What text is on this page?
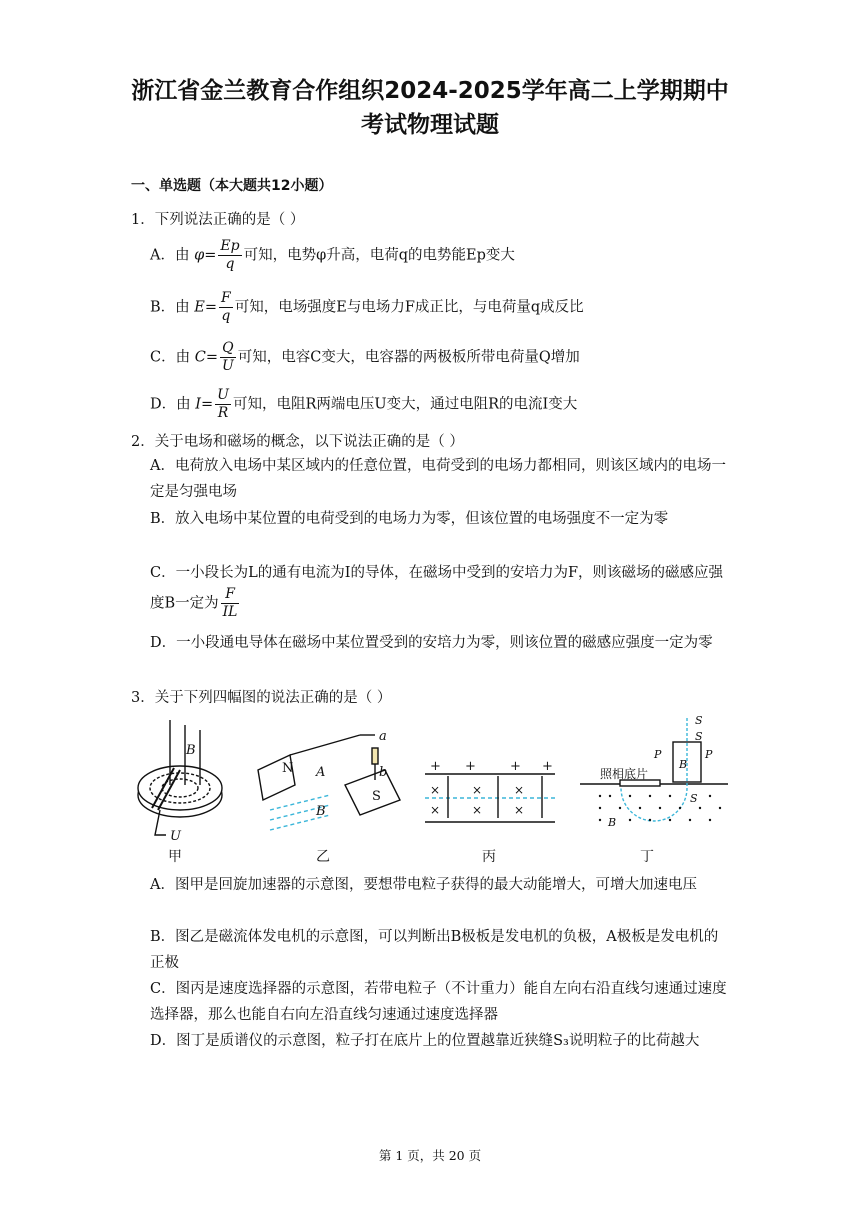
浙江省金兰教育合作组织2024-2025学年高二上学期期中
考试物理试题
一、单选题（本大题共12小题）
1．下列说法正确的是（ ）
A．由 $\varphi= \frac{Ep}{q}$ 可知，电势φ升高，电荷q的电势能Ep变大
B．由 $E= \frac{F}{q}$ 可知，电场强度E与电场力F成正比，与电荷量q成反比
C．由 $C= \frac{Q}{U}$ 可知，电容C变大，电容器的两极板所带电荷量Q增加
D．由 $I= \frac{U}{R}$ 可知，电阻R两端电压U变大，通过电阻R的电流I变大
2．关于电场和磁场的概念，以下说法正确的是（ ）
A．电荷放入电场中某区域内的任意位置，电荷受到的电场力都相同，则该区域内的电场一定是匀强电场
B．放入电场中某位置的电荷受到的电场力为零，但该位置的电场强度不一定为零
C．一小段长为L的通有电流为I的导体，在磁场中受到的安培力为F，则该磁场的磁感应强度B一定为 $\frac{F}{IL}$
D．一小段通电导体在磁场中某位置受到的安培力为零，则该位置的磁感应强度一定为零
3．关于下列四幅图的说法正确的是（ ）
B
U
N
S
A
B
a
b	+ +	+ +
×	×	×
×	×	×
照相底片
S
S
S
P	P
B
B
甲	乙	丙	丁
A．图甲是回旋加速器的示意图，要想带电粒子获得的最大动能增大，可增大加速电压
B．图乙是磁流体发电机的示意图，可以判断出B极板是发电机的负极，A极板是发电机的正极
C．图丙是速度选择器的示意图，若带电粒子（不计重力）能自左向右沿直线匀速通过速度选择器，那么也能自右向左沿直线匀速通过速度选择器
D．图丁是质谱仪的示意图，粒子打在底片上的位置越靠近狭缝S₃说明粒子的比荷越大
第 1 页，共 20 页
